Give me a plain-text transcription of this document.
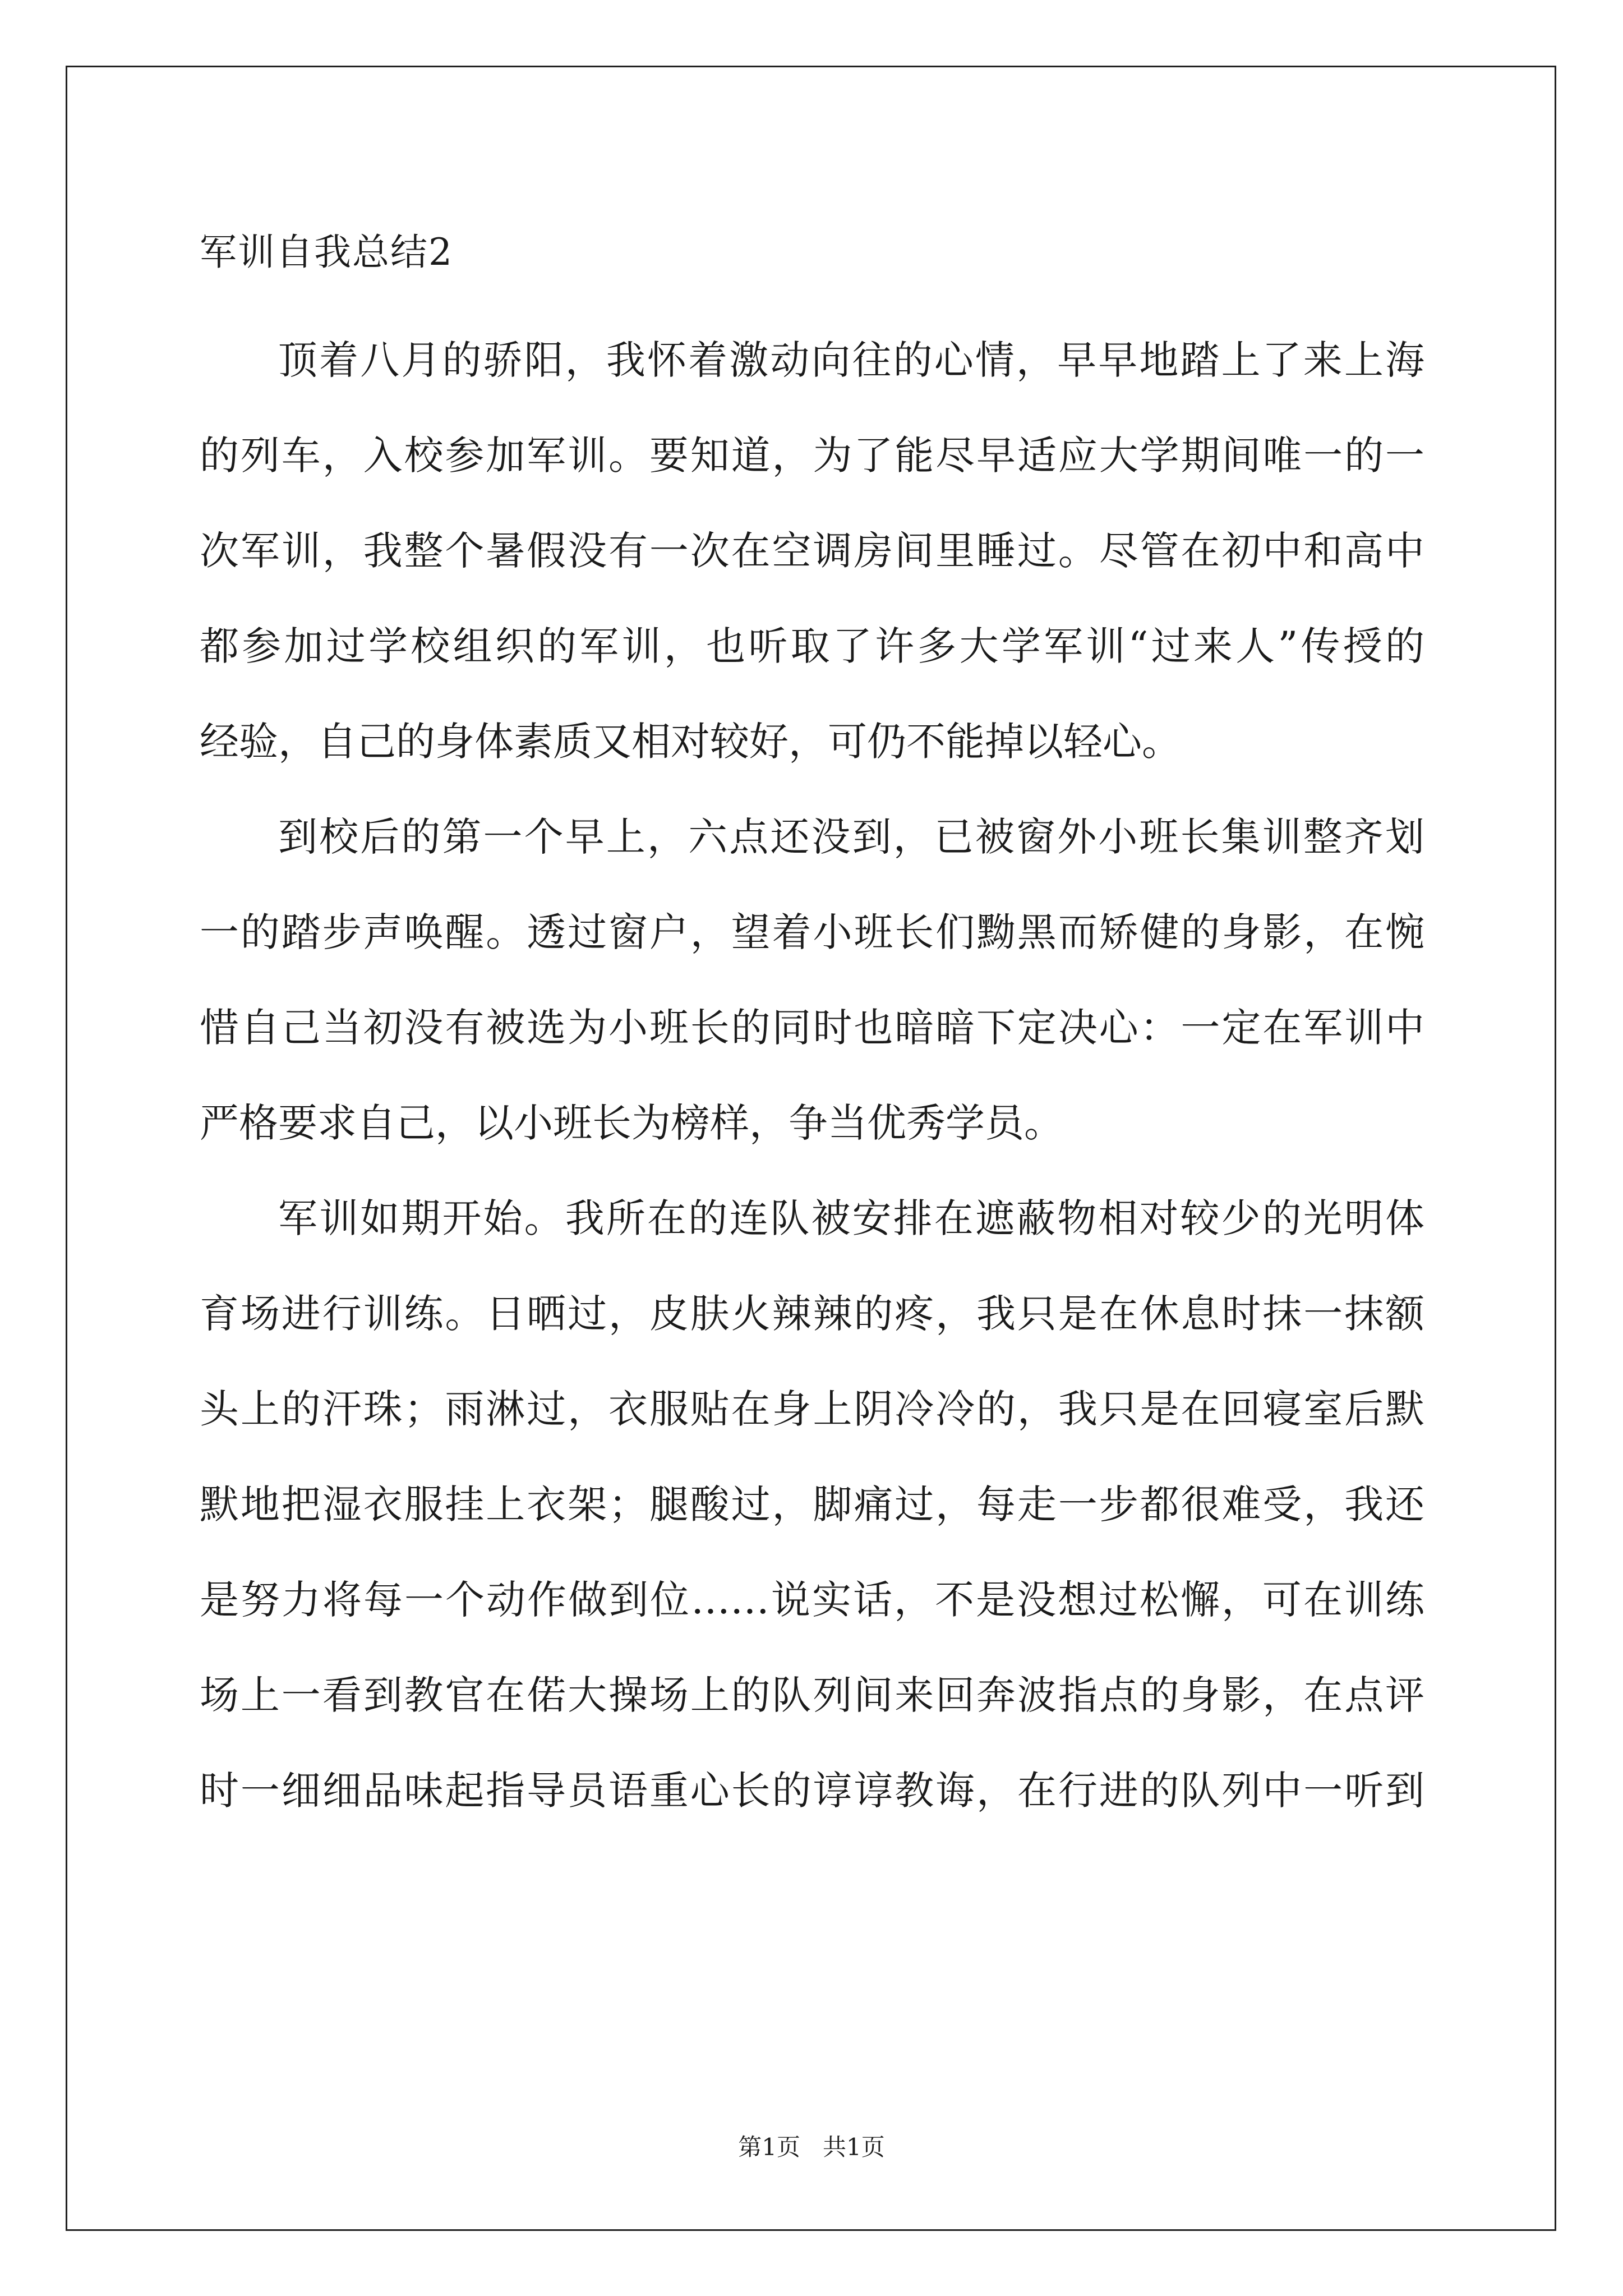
军训自我总结2

顶着八月的骄阳，我怀着激动向往的心情，早早地踏上了来上海

的列车，入校参加军训。要知道，为了能尽早适应大学期间唯一的一

次军训，我整个暑假没有一次在空调房间里睡过。尽管在初中和高中

都参加过学校组织的军训，也听取了许多大学军训“过来人”传授的

经验，自己的身体素质又相对较好，可仍不能掉以轻心。

到校后的第一个早上，六点还没到，已被窗外小班长集训整齐划

一的踏步声唤醒。透过窗户，望着小班长们黝黑而矫健的身影，在惋

惜自己当初没有被选为小班长的同时也暗暗下定决心：一定在军训中

严格要求自己，以小班长为榜样，争当优秀学员。

军训如期开始。我所在的连队被安排在遮蔽物相对较少的光明体

育场进行训练。日晒过，皮肤火辣辣的疼，我只是在休息时抹一抹额

头上的汗珠；雨淋过，衣服贴在身上阴冷冷的，我只是在回寝室后默

默地把湿衣服挂上衣架；腿酸过，脚痛过，每走一步都很难受，我还

是努力将每一个动作做到位……说实话，不是没想过松懈，可在训练

场上一看到教官在偌大操场上的队列间来回奔波指点的身影，在点评

时一细细品味起指导员语重心长的谆谆教诲，在行进的队列中一听到

第1页   共1页
